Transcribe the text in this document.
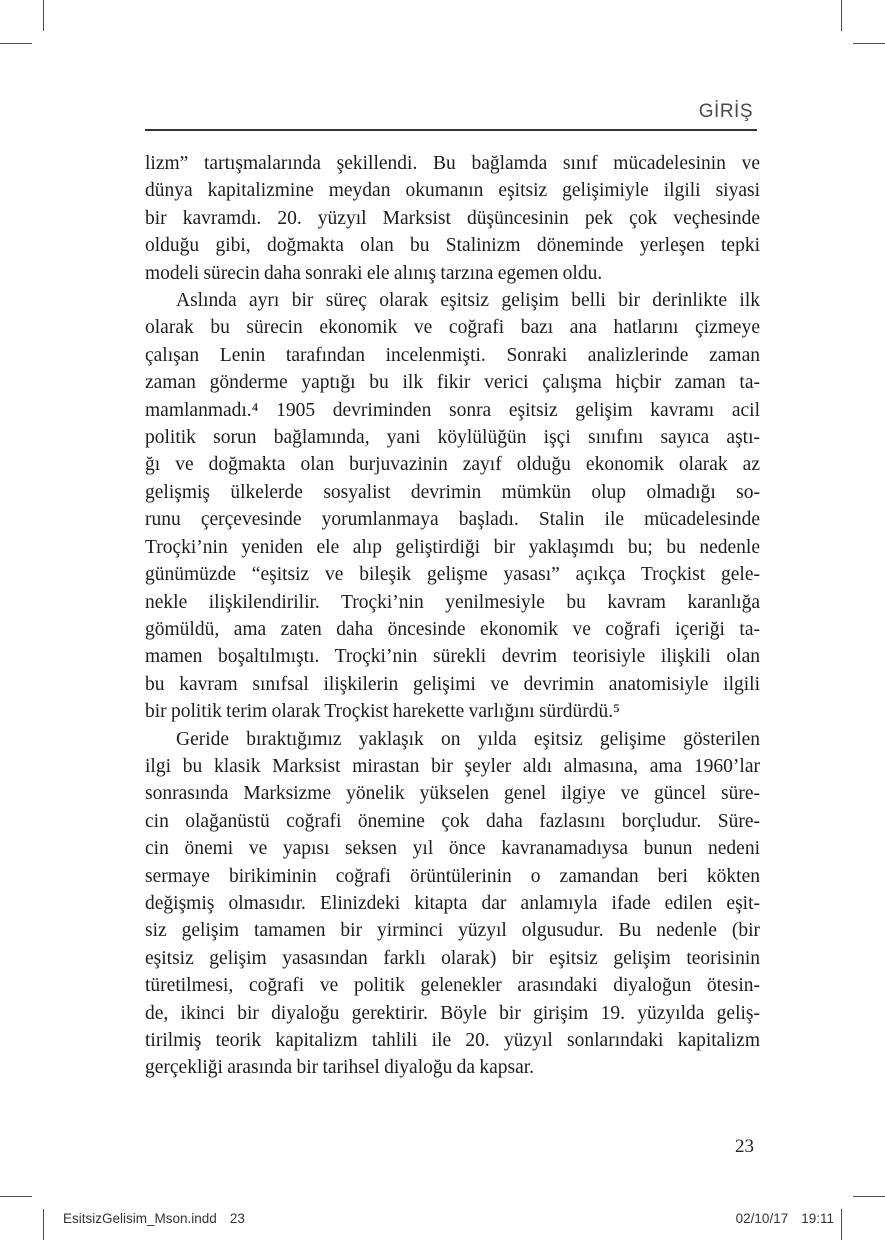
GİRİŞ
lizm” tartışmalarında şekillendi. Bu bağlamda sınıf mücadelesinin ve
dünya kapitalizmine meydan okumanın eşitsiz gelişimiyle ilgili siyasi
bir kavramdı. 20. yüzyıl Marksist düşüncesinin pek çok veçhesinde
olduğu gibi, doğmakta olan bu Stalinizm döneminde yerleşen tepki
modeli sürecin daha sonraki ele alınış tarzına egemen oldu.
Aslında ayrı bir süreç olarak eşitsiz gelişim belli bir derinlikte ilk
olarak bu sürecin ekonomik ve coğrafi bazı ana hatlarını çizmeye
çalışan Lenin tarafından incelenmişti. Sonraki analizlerinde zaman
zaman gönderme yaptığı bu ilk fikir verici çalışma hiçbir zaman ta-
mamlanmadı.⁴ 1905 devriminden sonra eşitsiz gelişim kavramı acil
politik sorun bağlamında, yani köylülüğün işçi sınıfını sayıca aştı-
ğı ve doğmakta olan burjuvazinin zayıf olduğu ekonomik olarak az
gelişmiş ülkelerde sosyalist devrimin mümkün olup olmadığı so-
runu çerçevesinde yorumlanmaya başladı. Stalin ile mücadelesinde
Troçki’nin yeniden ele alıp geliştirdiği bir yaklaşımdı bu; bu nedenle
günümüzde “eşitsiz ve bileşik gelişme yasası” açıkça Troçkist gele-
nekle ilişkilendirilir. Troçki’nin yenilmesiyle bu kavram karanlığa
gömüldü, ama zaten daha öncesinde ekonomik ve coğrafi içeriği ta-
mamen boşaltılmıştı. Troçki’nin sürekli devrim teorisiyle ilişkili olan
bu kavram sınıfsal ilişkilerin gelişimi ve devrimin anatomisiyle ilgili
bir politik terim olarak Troçkist harekette varlığını sürdürdü.⁵
Geride bıraktığımız yaklaşık on yılda eşitsiz gelişime gösterilen
ilgi bu klasik Marksist mirastan bir şeyler aldı almasına, ama 1960’lar
sonrasında Marksizme yönelik yükselen genel ilgiye ve güncel süre-
cin olağanüstü coğrafi önemine çok daha fazlasını borçludur. Süre-
cin önemi ve yapısı seksen yıl önce kavranamadıysa bunun nedeni
sermaye birikiminin coğrafi örüntülerinin o zamandan beri kökten
değişmiş olmasıdır. Elinizdeki kitapta dar anlamıyla ifade edilen eşit-
siz gelişim tamamen bir yirminci yüzyıl olgusudur. Bu nedenle (bir
eşitsiz gelişim yasasından farklı olarak) bir eşitsiz gelişim teorisinin
türetilmesi, coğrafi ve politik gelenekler arasındaki diyaloğun ötesin-
de, ikinci bir diyaloğu gerektirir. Böyle bir girişim 19. yüzyılda geliş-
tirilmiş teorik kapitalizm tahlili ile 20. yüzyıl sonlarındaki kapitalizm
gerçekliği arasında bir tarihsel diyaloğu da kapsar.
23
EsitsizGelisim_Mson.indd 23	02/10/17 19:11
